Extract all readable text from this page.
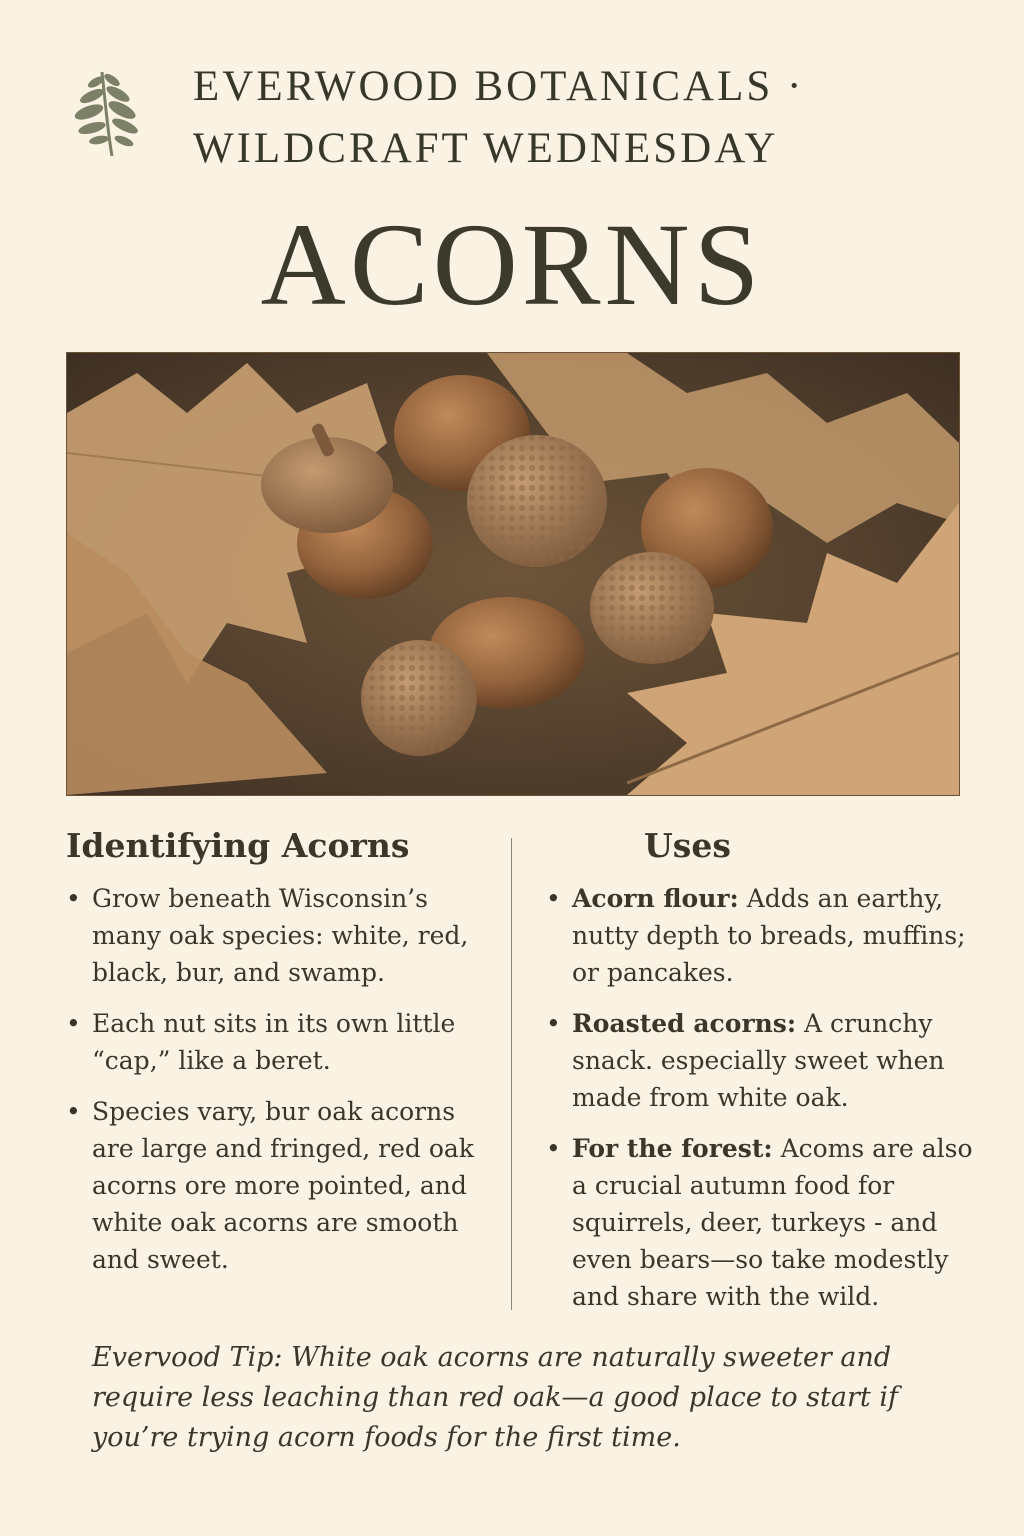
EVERWOOD BOTANICALS ·
WILDCRAFT WEDNESDAY
ACORNS
Identifying Acorns	Uses
• Grow beneath Wisconsin’s many oak species: white, red, black, bur, and swamp.
• Each nut sits in its own little “cap,” like a beret.
• Species vary, bur oak acorns are large and fringed, red oak acorns ore more pointed, and white oak acorns are smooth and sweet.
• Acorn flour: Adds an earthy, nutty depth to breads, muffins; or pancakes.
• Roasted acorns: A crunchy snack. especially sweet when made from white oak.
• For the forest: Acoms are also a crucial autumn food for squirrels, deer, turkeys - and even bears—so take modestly and share with the wild.

Evervood Tip: White oak acorns are naturally sweeter and require less leaching than red oak—a good place to start if you’re trying acorn foods for the first time.
